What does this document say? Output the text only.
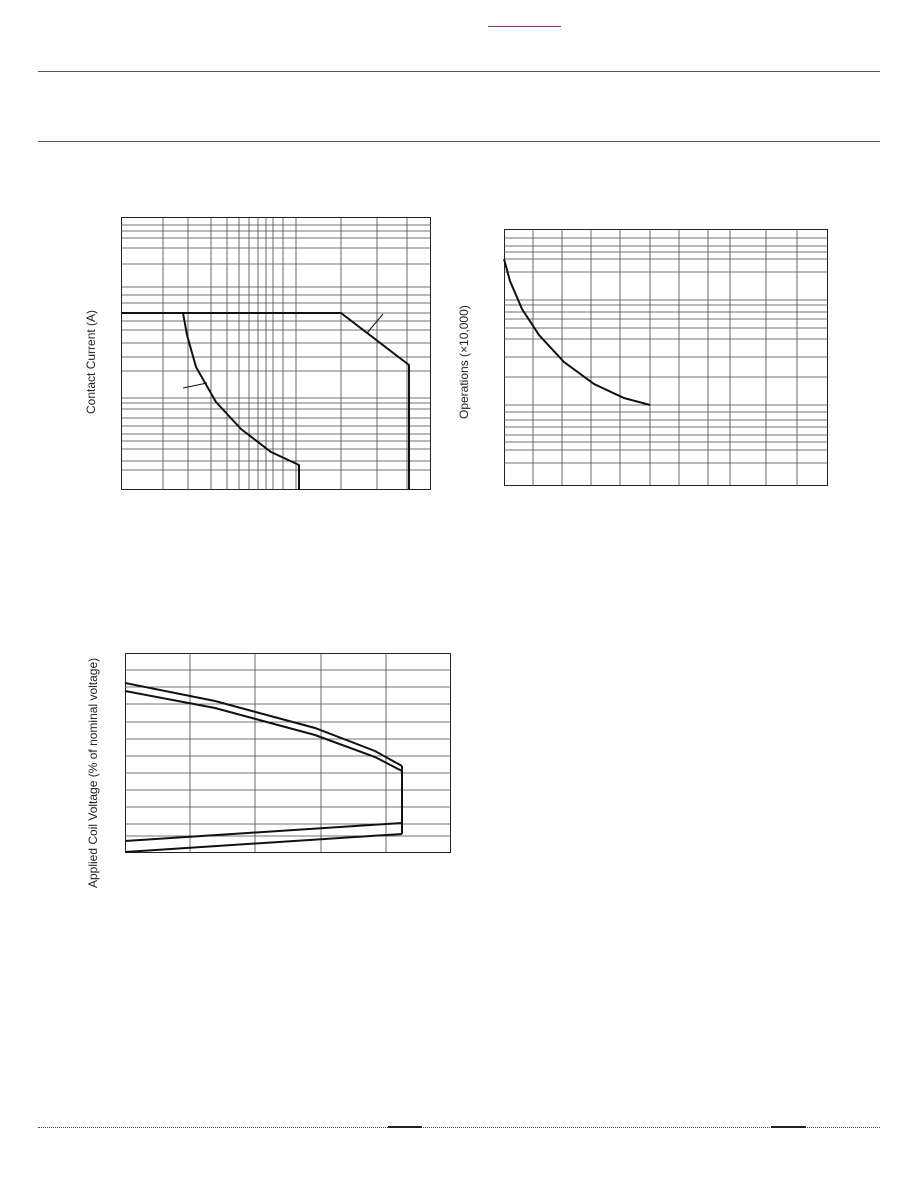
Contact Current (A)	Operations (×10,000)
Applied Coil Voltage (% of nominal voltage)
